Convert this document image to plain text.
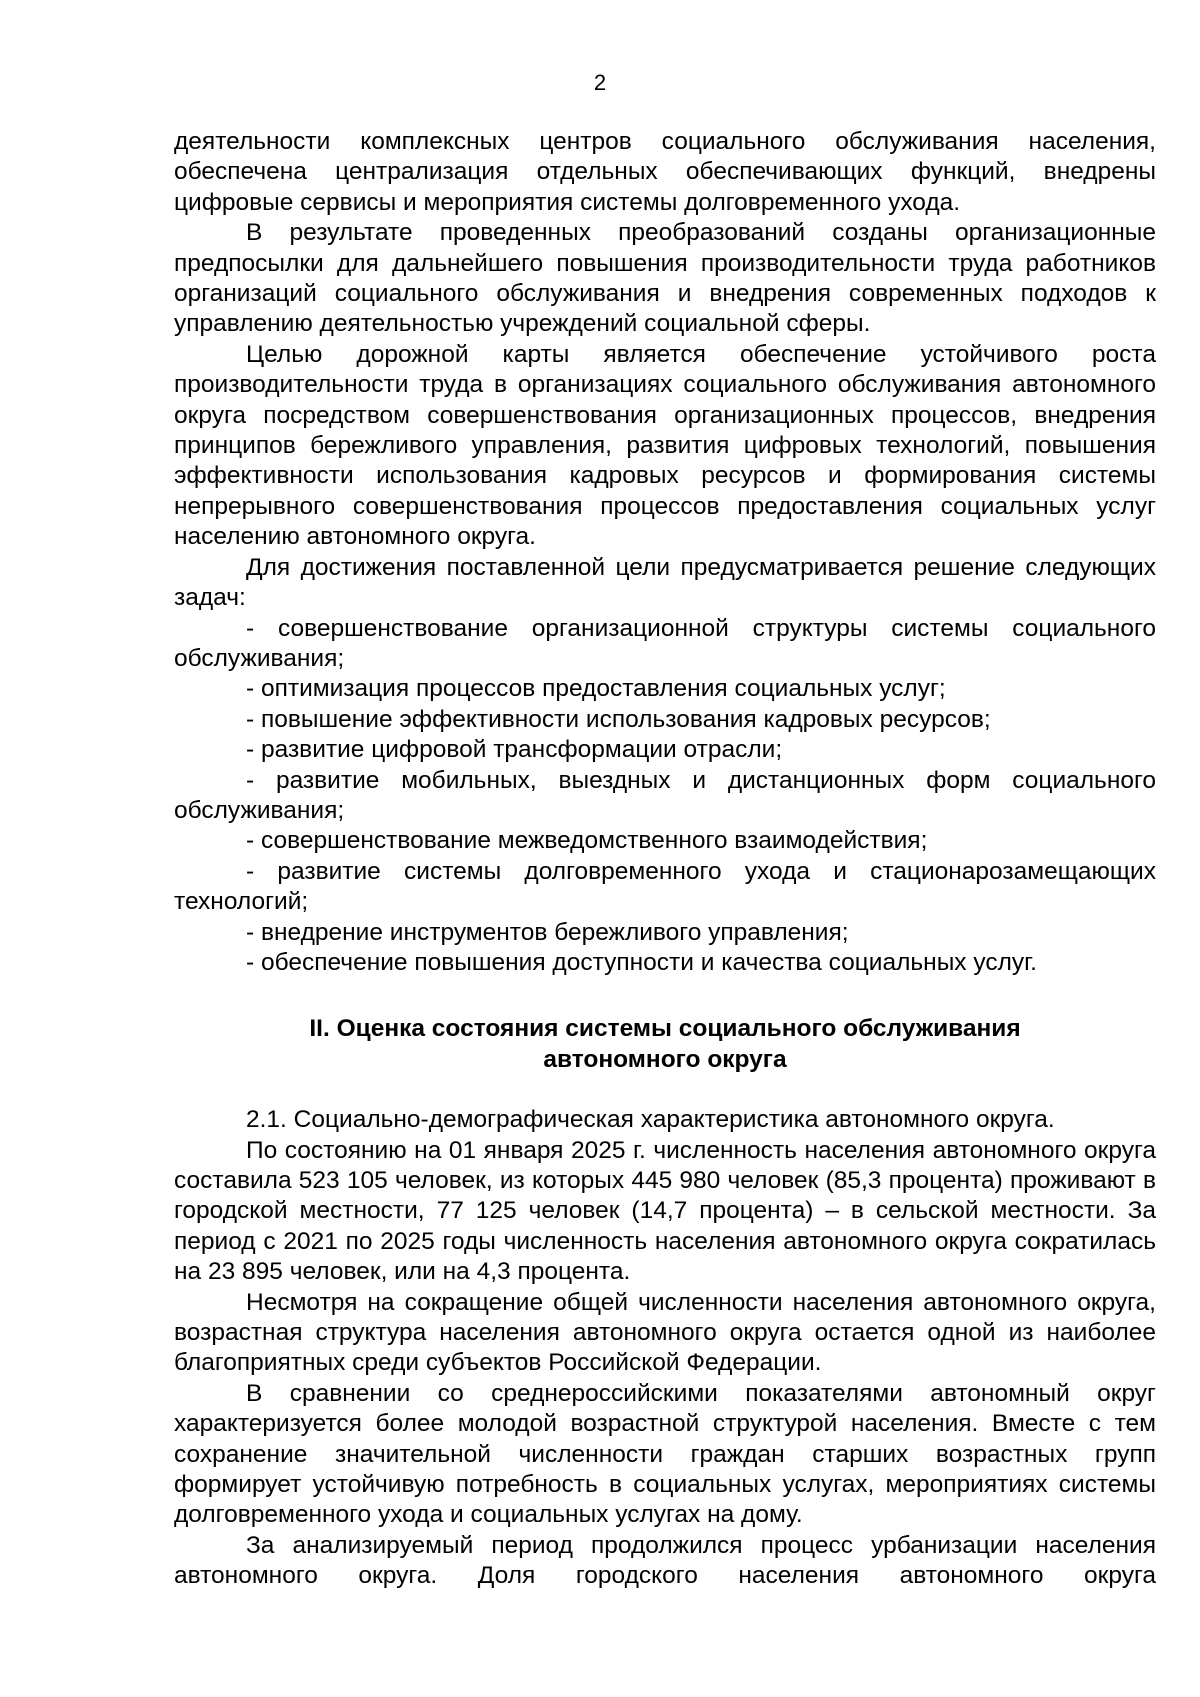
2

деятельности комплексных центров социального обслуживания населения, обеспечена централизация отдельных обеспечивающих функций, внедрены цифровые сервисы и мероприятия системы долговременного ухода.

В результате проведенных преобразований созданы организационные предпосылки для дальнейшего повышения производительности труда работников организаций социального обслуживания и внедрения современных подходов к управлению деятельностью учреждений социальной сферы.

Целью дорожной карты является обеспечение устойчивого роста производительности труда в организациях социального обслуживания автономного округа посредством совершенствования организационных процессов, внедрения принципов бережливого управления, развития цифровых технологий, повышения эффективности использования кадровых ресурсов и формирования системы непрерывного совершенствования процессов предоставления социальных услуг населению автономного округа.

Для достижения поставленной цели предусматривается решение следующих задач:

- совершенствование организационной структуры системы социального обслуживания;

- оптимизация процессов предоставления социальных услуг;

- повышение эффективности использования кадровых ресурсов;

- развитие цифровой трансформации отрасли;

- развитие мобильных, выездных и дистанционных форм социального обслуживания;

- совершенствование межведомственного взаимодействия;

- развитие системы долговременного ухода и стационарозамещающих технологий;

- внедрение инструментов бережливого управления;

- обеспечение повышения доступности и качества социальных услуг.

II. Оценка состояния системы социального обслуживания
автономного округа

2.1. Социально-демографическая характеристика автономного округа.

По состоянию на 01 января 2025 г. численность населения автономного округа составила 523 105 человек, из которых 445 980 человек (85,3 процента) проживают в городской местности, 77 125 человек (14,7 процента) – в сельской местности. За период с 2021 по 2025 годы численность населения автономного округа сократилась на 23 895 человек, или на 4,3 процента.

Несмотря на сокращение общей численности населения автономного округа, возрастная структура населения автономного округа остается одной из наиболее благоприятных среди субъектов Российской Федерации.

В сравнении со среднероссийскими показателями автономный округ характеризуется более молодой возрастной структурой населения. Вместе с тем сохранение значительной численности граждан старших возрастных групп формирует устойчивую потребность в социальных услугах, мероприятиях системы долговременного ухода и социальных услугах на дому.

За анализируемый период продолжился процесс урбанизации населения автономного округа. Доля городского населения автономного округа
